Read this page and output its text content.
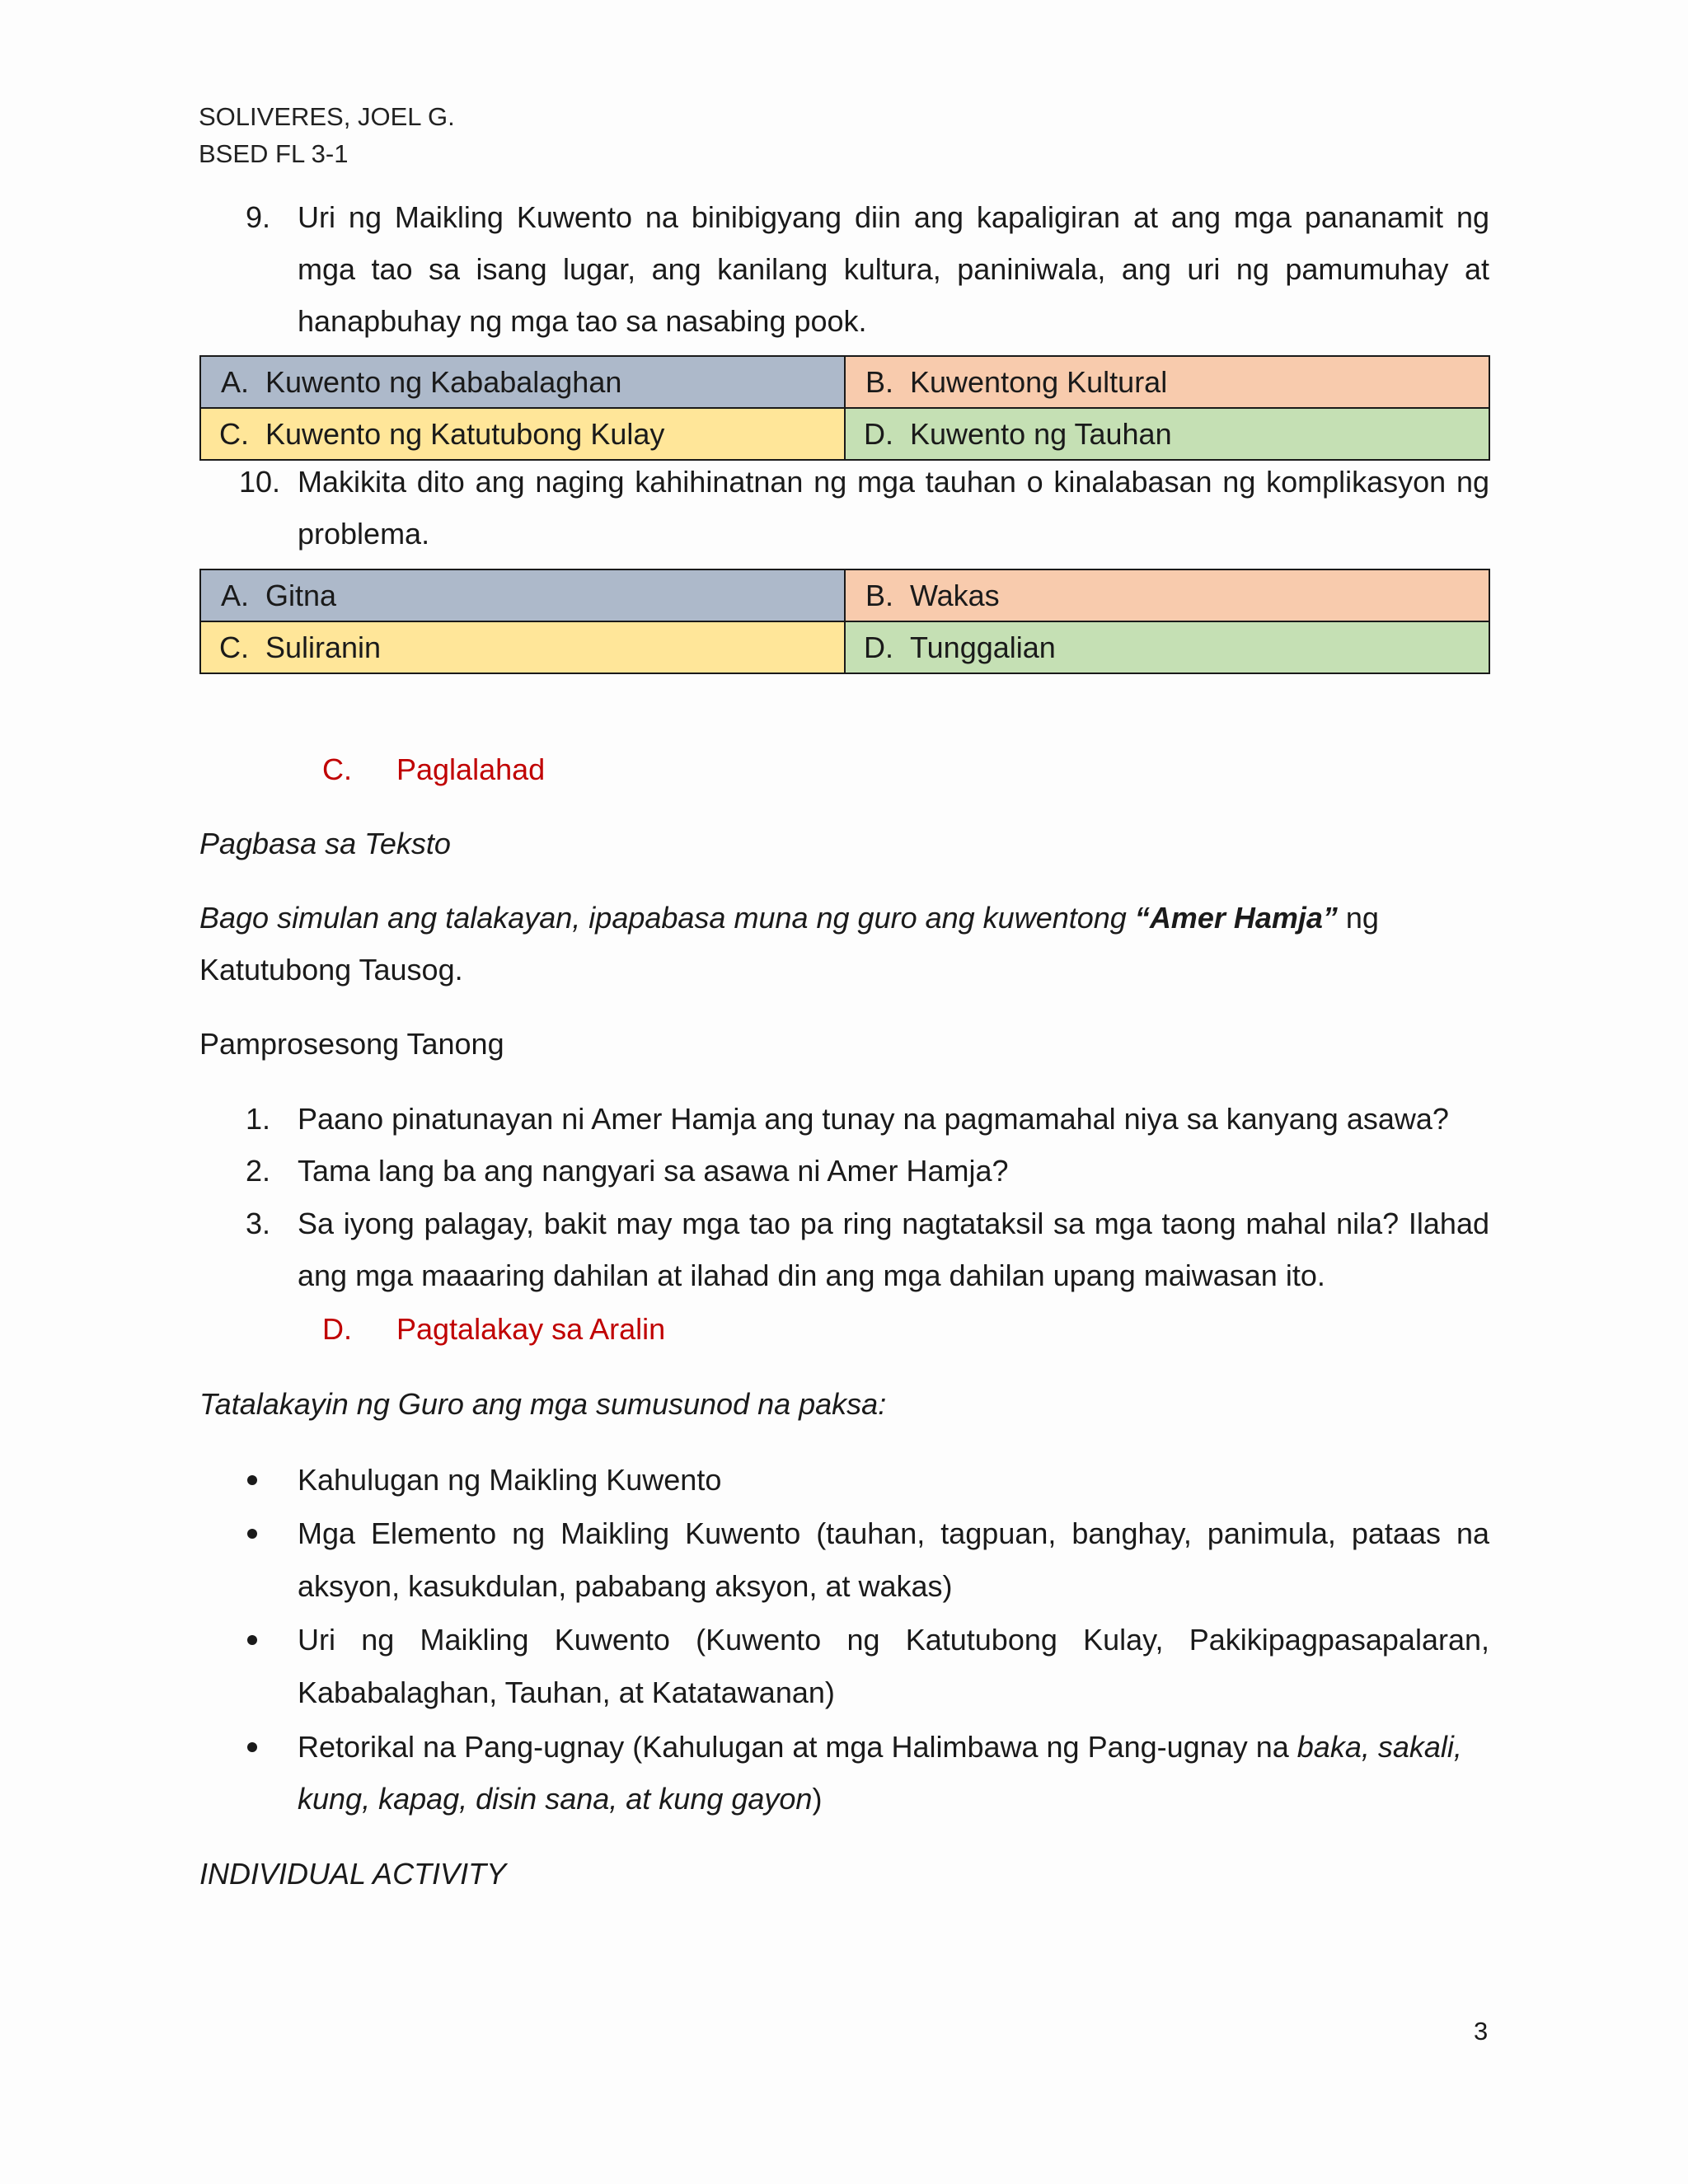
SOLIVERES, JOEL G.
BSED FL 3-1
9. Uri ng Maikling Kuwento na binibigyang diin ang kapaligiran at ang mga pananamit ng
mga tao sa isang lugar, ang kanilang kultura, paniniwala, ang uri ng pamumuhay at
hanapbuhay ng mga tao sa nasabing pook.
A. Kuwento ng Kababalaghan	B. Kuwentong Kultural

C. Kuwento ng Katutubong Kulay	D. Kuwento ng Tauhan
10. Makikita dito ang naging kahihinatnan ng mga tauhan o kinalabasan ng komplikasyon ng
problema.
A. Gitna	B. Wakas

C. Suliranin	D. Tunggalian
C. Paglalahad
Pagbasa sa Teksto
Bago simulan ang talakayan, ipapabasa muna ng guro ang kuwentong “Amer Hamja” ng
Katutubong Tausog.
Pamprosesong Tanong
1. Paano pinatunayan ni Amer Hamja ang tunay na pagmamahal niya sa kanyang asawa?
2. Tama lang ba ang nangyari sa asawa ni Amer Hamja?
3. Sa iyong palagay, bakit may mga tao pa ring nagtataksil sa mga taong mahal nila? Ilahad
ang mga maaaring dahilan at ilahad din ang mga dahilan upang maiwasan ito.
D. Pagtalakay sa Aralin
Tatalakayin ng Guro ang mga sumusunod na paksa:
Kahulugan ng Maikling Kuwento
Mga Elemento ng Maikling Kuwento (tauhan, tagpuan, banghay, panimula, pataas na
aksyon, kasukdulan, pababang aksyon, at wakas)
Uri ng Maikling Kuwento (Kuwento ng Katutubong Kulay, Pakikipagpasapalaran,
Kababalaghan, Tauhan, at Katatawanan)
Retorikal na Pang-ugnay (Kahulugan at mga Halimbawa ng Pang-ugnay na baka, sakali,
kung, kapag, disin sana, at kung gayon)
INDIVIDUAL ACTIVITY
3
